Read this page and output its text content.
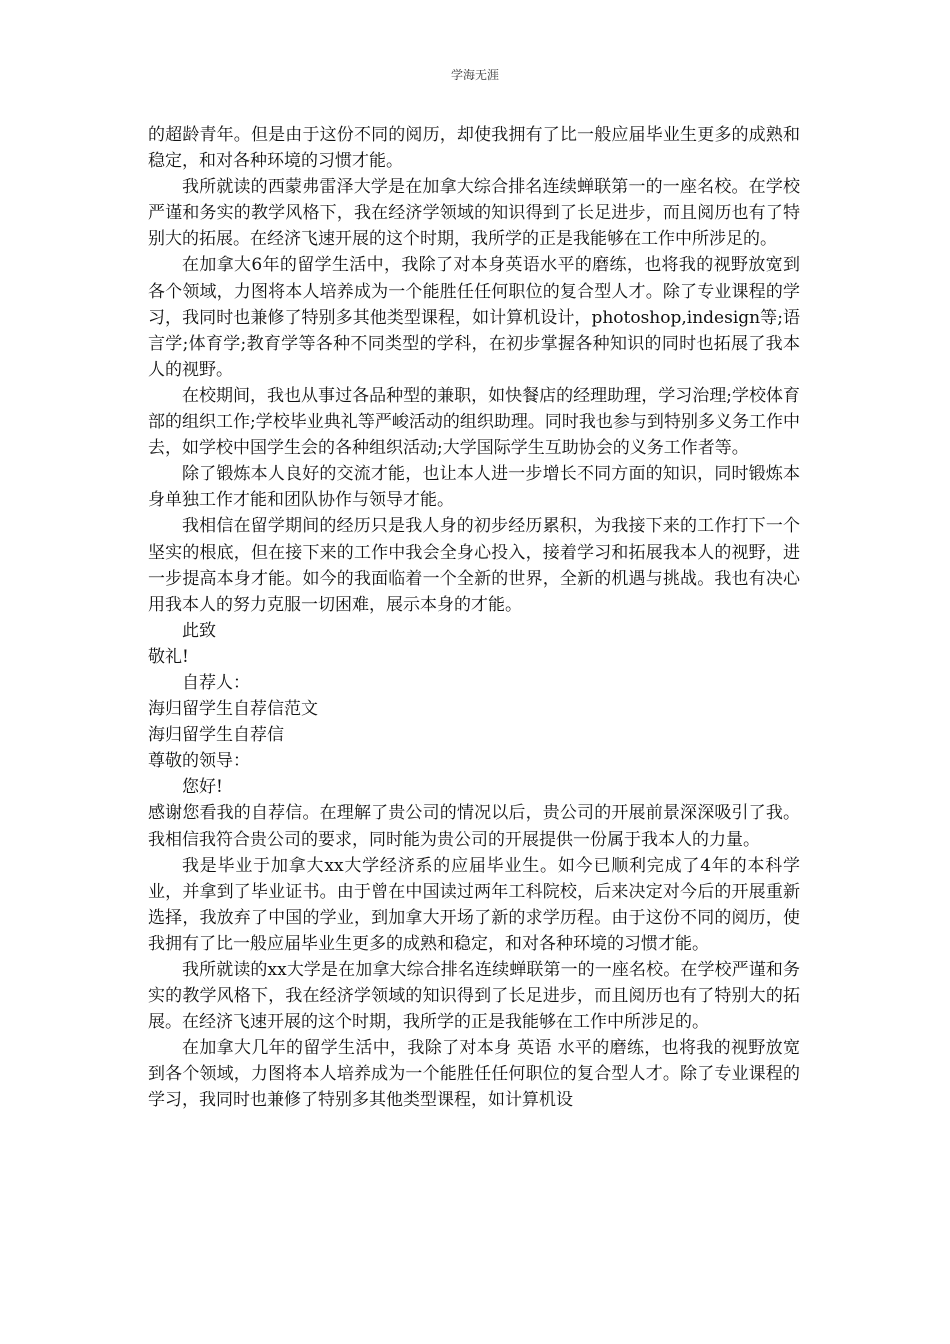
学海无涯

的超龄青年。但是由于这份不同的阅历，却使我拥有了比一般应届毕业生更多的成熟和稳定，和对各种环境的习惯才能。

我所就读的西蒙弗雷泽大学是在加拿大综合排名连续蝉联第一的一座名校。在学校严谨和务实的教学风格下，我在经济学领域的知识得到了长足进步，而且阅历也有了特别大的拓展。在经济飞速开展的这个时期，我所学的正是我能够在工作中所涉足的。

在加拿大6年的留学生活中，我除了对本身英语水平的磨练，也将我的视野放宽到各个领域，力图将本人培养成为一个能胜任任何职位的复合型人才。除了专业课程的学习，我同时也兼修了特别多其他类型课程，如计算机设计，photoshop,indesign等;语言学;体育学;教育学等各种不同类型的学科，在初步掌握各种知识的同时也拓展了我本人的视野。

在校期间，我也从事过各品种型的兼职，如快餐店的经理助理，学习治理;学校体育部的组织工作;学校毕业典礼等严峻活动的组织助理。同时我也参与到特别多义务工作中去，如学校中国学生会的各种组织活动;大学国际学生互助协会的义务工作者等。

除了锻炼本人良好的交流才能，也让本人进一步增长不同方面的知识，同时锻炼本身单独工作才能和团队协作与领导才能。

我相信在留学期间的经历只是我人身的初步经历累积，为我接下来的工作打下一个坚实的根底，但在接下来的工作中我会全身心投入，接着学习和拓展我本人的视野，进一步提高本身才能。如今的我面临着一个全新的世界，全新的机遇与挑战。我也有决心用我本人的努力克服一切困难，展示本身的才能。

此致

敬礼!

自荐人：

海归留学生自荐信范文

海归留学生自荐信

尊敬的领导：

您好!

感谢您看我的自荐信。在理解了贵公司的情况以后，贵公司的开展前景深深吸引了我。我相信我符合贵公司的要求，同时能为贵公司的开展提供一份属于我本人的力量。

我是毕业于加拿大xx大学经济系的应届毕业生。如今已顺利完成了4年的本科学业，并拿到了毕业证书。由于曾在中国读过两年工科院校，后来决定对今后的开展重新选择，我放弃了中国的学业，到加拿大开场了新的求学历程。由于这份不同的阅历，使我拥有了比一般应届毕业生更多的成熟和稳定，和对各种环境的习惯才能。

我所就读的xx大学是在加拿大综合排名连续蝉联第一的一座名校。在学校严谨和务实的教学风格下，我在经济学领域的知识得到了长足进步，而且阅历也有了特别大的拓展。在经济飞速开展的这个时期，我所学的正是我能够在工作中所涉足的。

在加拿大几年的留学生活中，我除了对本身 英语 水平的磨练，也将我的视野放宽到各个领域，力图将本人培养成为一个能胜任任何职位的复合型人才。除了专业课程的学习，我同时也兼修了特别多其他类型课程，如计算机设
